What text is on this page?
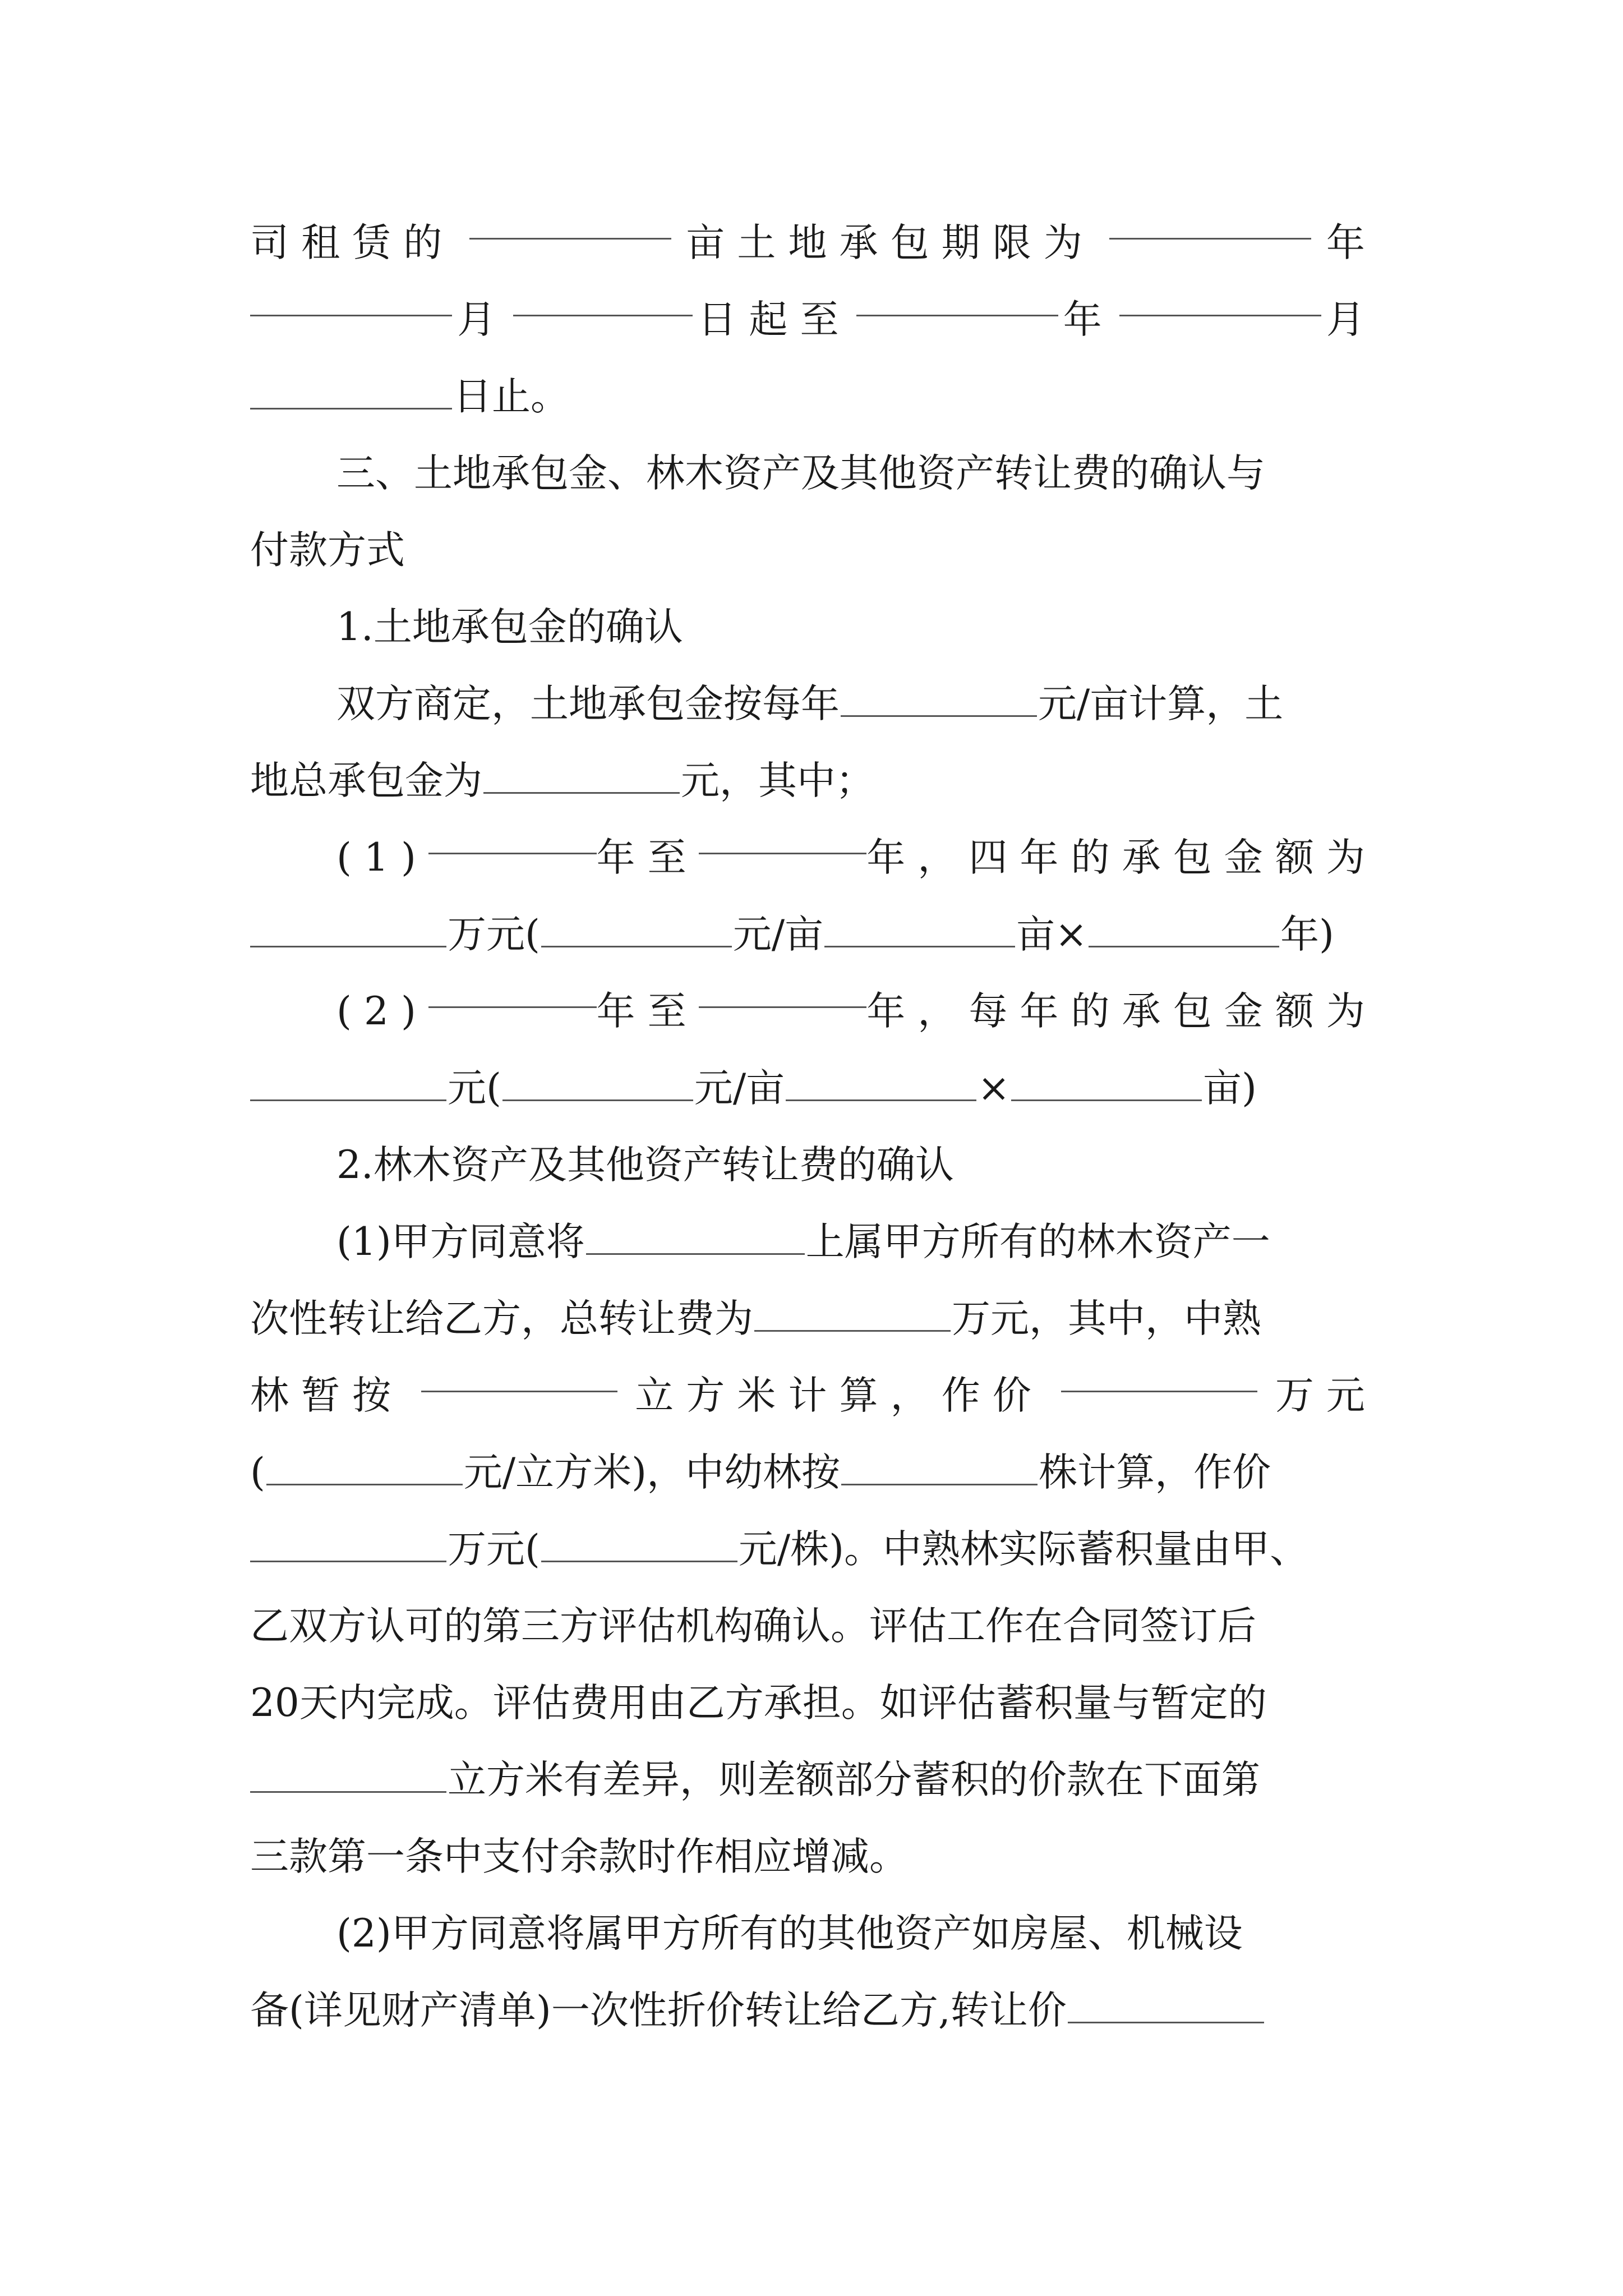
司租赁的	亩土地承包期限为	年
月	日起至	年	月
日止。
三、土地承包金、林木资产及其他资产转让费的确认与
付款方式
1.土地承包金的确认
双方商定，土地承包金按每年	元/亩计算，土
地总承包金为	元，其中；
(1)	年至	年，四年的承包金额为
万元(	元/亩	亩×	年)
(2)	年至	年，每年的承包金额为
元(	元/亩	×	亩)
2.林木资产及其他资产转让费的确认
(1)甲方同意将	上属甲方所有的林木资产一
次性转让给乙方，总转让费为	万元，其中，中熟
林暂按	立方米计算，作价	万元
(	元/立方米)，中幼林按	株计算，作价
万元(	元/株)。中熟林实际蓄积量由甲、
乙双方认可的第三方评估机构确认。评估工作在合同签订后
20天内完成。评估费用由乙方承担。如评估蓄积量与暂定的
立方米有差异，则差额部分蓄积的价款在下面第
三款第一条中支付余款时作相应增减。
(2)甲方同意将属甲方所有的其他资产如房屋、机械设
备(详见财产清单)一次性折价转让给乙方,转让价
